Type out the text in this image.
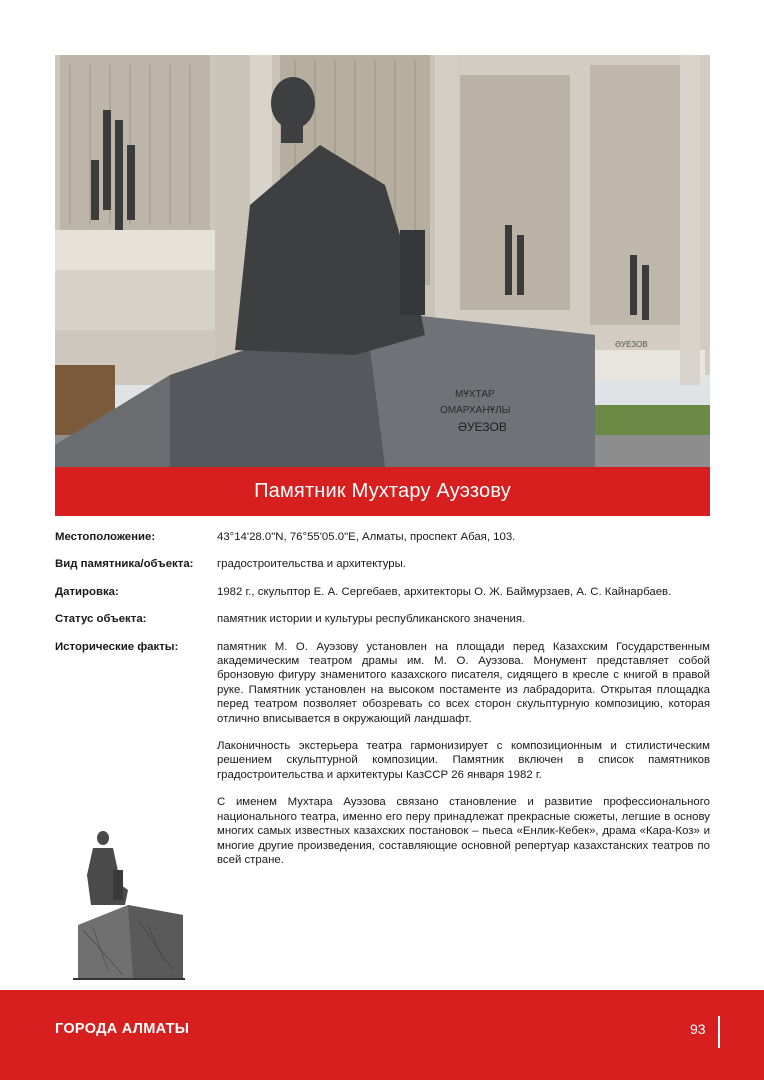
ӘУЕЗОВ
МҰХТАР
ОМАРХАНҰЛЫ
ӘУЕЗОВ
Памятник Мухтару Ауэзову
Местоположение:	43°14'28.0"N, 76°55'05.0"E, Алматы, проспект Абая, 103.
Вид памятника/объекта:	градостроительства и архитектуры.
Датировка:	1982 г., скульптор Е. А. Сергебаев, архитекторы О. Ж. Баймурзаев, А. С. Кайнарбаев.
Статус объекта:	памятник истории и культуры республиканского значения.
Исторические факты:	памятник М. О. Ауэзову установлен на площади перед Казахским Государственным академическим театром драмы им. М. О. Ауэзова. Монумент представляет собой бронзовую фигуру знаменитого казахского писателя, сидящего в кресле с книгой в правой руке. Памятник установлен на высоком постаменте из лабрадорита. Открытая площадка перед театром позволяет обозревать со всех сторон скульптурную композицию, которая отлично вписывается в окружающий ландшафт.

Лаконичность экстерьера театра гармонизирует с композиционным и стилистическим решением скульптурной композиции. Памятник включен в список памятников градостроительства и архитектуры КазССР 26 января 1982 г.

С именем Мухтара Ауэзова связано становление и развитие профессионального национального театра, именно его перу принадлежат прекрасные сюжеты, легшие в основу многих самых известных казахских постановок – пьеса «Енлик-Кебек», драма «Кара-Коз» и многие другие произведения, составляющие основной репертуар казахстанских театров по всей стране.

ГОРОДА АЛМАТЫ	93
